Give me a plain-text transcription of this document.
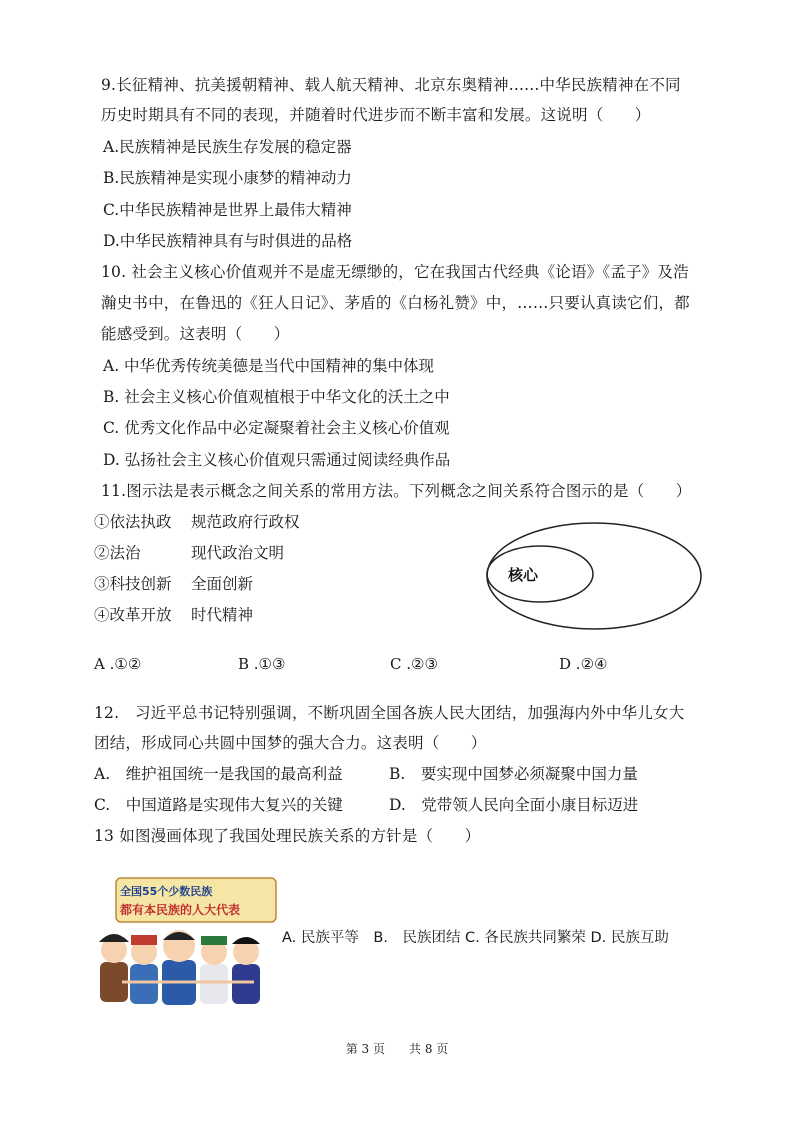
9.长征精神、抗美援朝精神、载人航天精神、北京东奥精神......中华民族精神在不同
历史时期具有不同的表现，并随着时代进步而不断丰富和发展。这说明（　　）
A.民族精神是民族生存发展的稳定器
B.民族精神是实现小康梦的精神动力
C.中华民族精神是世界上最伟大精神
D.中华民族精神具有与时俱进的品格
10. 社会主义核心价值观并不是虚无缥缈的，它在我国古代经典《论语》《孟子》及浩
瀚史书中，在鲁迅的《狂人日记》、茅盾的《白杨礼赞》中，……只要认真读它们，都
能感受到。这表明（　　）
A. 中华优秀传统美德是当代中国精神的集中体现
B. 社会主义核心价值观植根于中华文化的沃土之中
C. 优秀文化作品中必定凝聚着社会主义核心价值观
D. 弘扬社会主义核心价值观只需通过阅读经典作品
11.图示法是表示概念之间关系的常用方法。下列概念之间关系符合图示的是（　　）
①依法执政 规范政府行政权
②法治	现代政治文明
③科技创新 全面创新
④改革开放 时代精神
核心
A .①②	B .①③	C .②③	D .②④
12.　习近平总书记特别强调，不断巩固全国各族人民大团结，加强海内外中华儿女大
团结，形成同心共圆中国梦的强大合力。这表明（　　）
A.　维护祖国统一是我国的最高利益	B.　要实现中国梦必须凝聚中国力量
C.　中国道路是实现伟大复兴的关键	D.　党带领人民向全面小康目标迈进
13 如图漫画体现了我国处理民族关系的方针是（　　）
全国55个少数民族
都有本民族的人大代表
A. 民族平等　B.　民族团结 C. 各民族共同繁荣 D. 民族互助
第 3 页　　共 8 页
